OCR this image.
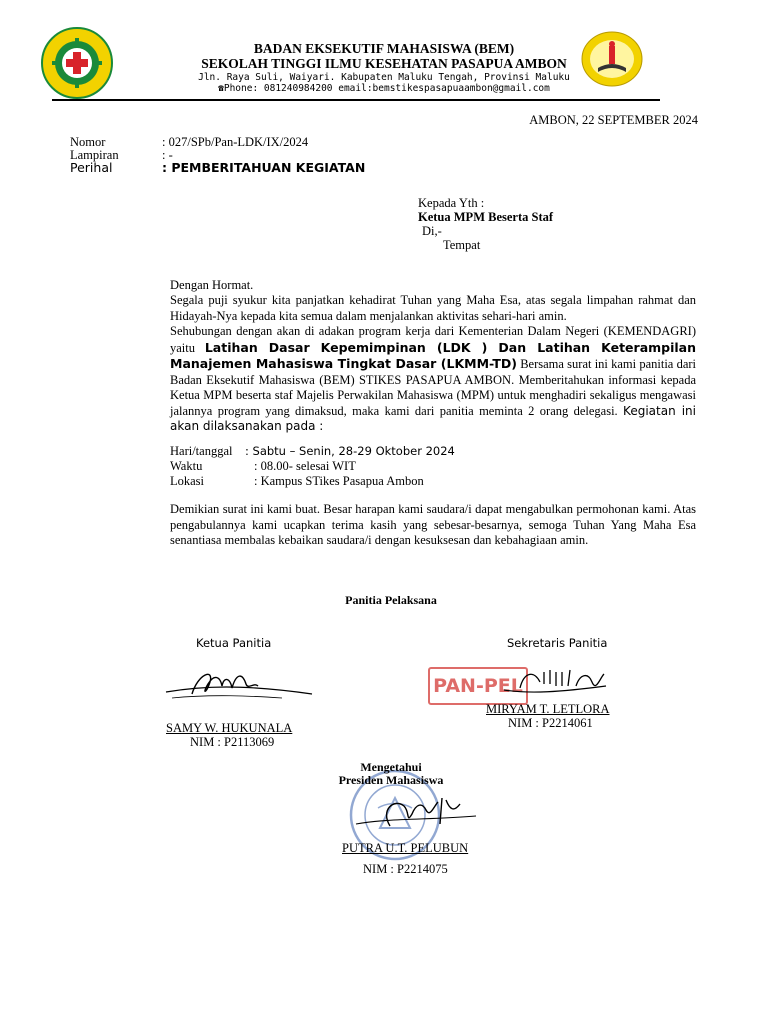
BADAN EKSEKUTIF MAHASISWA (BEM)
SEKOLAH TINGGI ILMU KESEHATAN PASAPUA AMBON
Jln. Raya Suli, Waiyari. Kabupaten Maluku Tengah, Provinsi Maluku
☎Phone: 081240984200 email:bemstikespasapuaambon@gmail.com
AMBON, 22 SEPTEMBER 2024
Nomor	: 027/SPb/Pan-LDK/IX/2024
Lampiran	: -
Perihal	: PEMBERITAHUAN KEGIATAN
Kepada Yth :
Ketua MPM Beserta Staf
Di,-
Tempat
Dengan Hormat.
Segala puji syukur kita panjatkan kehadirat Tuhan yang Maha Esa, atas segala limpahan rahmat dan Hidayah-Nya kepada kita semua dalam menjalankan aktivitas sehari-hari amin.
Sehubungan dengan akan di adakan program kerja dari Kementerian Dalam Negeri (KEMENDAGRI) yaitu Latihan Dasar Kepemimpinan (LDK ) Dan Latihan Keterampilan Manajemen Mahasiswa Tingkat Dasar (LKMM-TD) Bersama surat ini kami panitia dari Badan Eksekutif Mahasiswa (BEM) STIKES PASAPUA AMBON. Memberitahukan informasi kepada Ketua MPM beserta staf Majelis Perwakilan Mahasiswa (MPM) untuk menghadiri sekaligus mengawasi jalannya program yang dimaksud, maka kami dari panitia meminta 2 orang delegasi. Kegiatan ini akan dilaksanakan pada :
Hari/tanggal : Sabtu – Senin, 28-29 Oktober 2024
Waktu	: 08.00- selesai WIT
Lokasi	: Kampus STikes Pasapua Ambon
Demikian surat ini kami buat. Besar harapan kami saudara/i dapat mengabulkan permohonan kami. Atas pengabulannya kami ucapkan terima kasih yang sebesar-besarnya, semoga Tuhan Yang Maha Esa senantiasa membalas kebaikan saudara/i dengan kesuksesan dan kebahagiaan amin.
Panitia Pelaksana
Ketua Panitia
SAMY W. HUKUNALA
NIM : P2113069
Sekretaris Panitia
PAN-PEL
MIRYAM T. LETLORA
NIM : P2214061
Mengetahui
Presiden Mahasiswa
PUTRA U.T. PELUBUN
NIM : P2214075
